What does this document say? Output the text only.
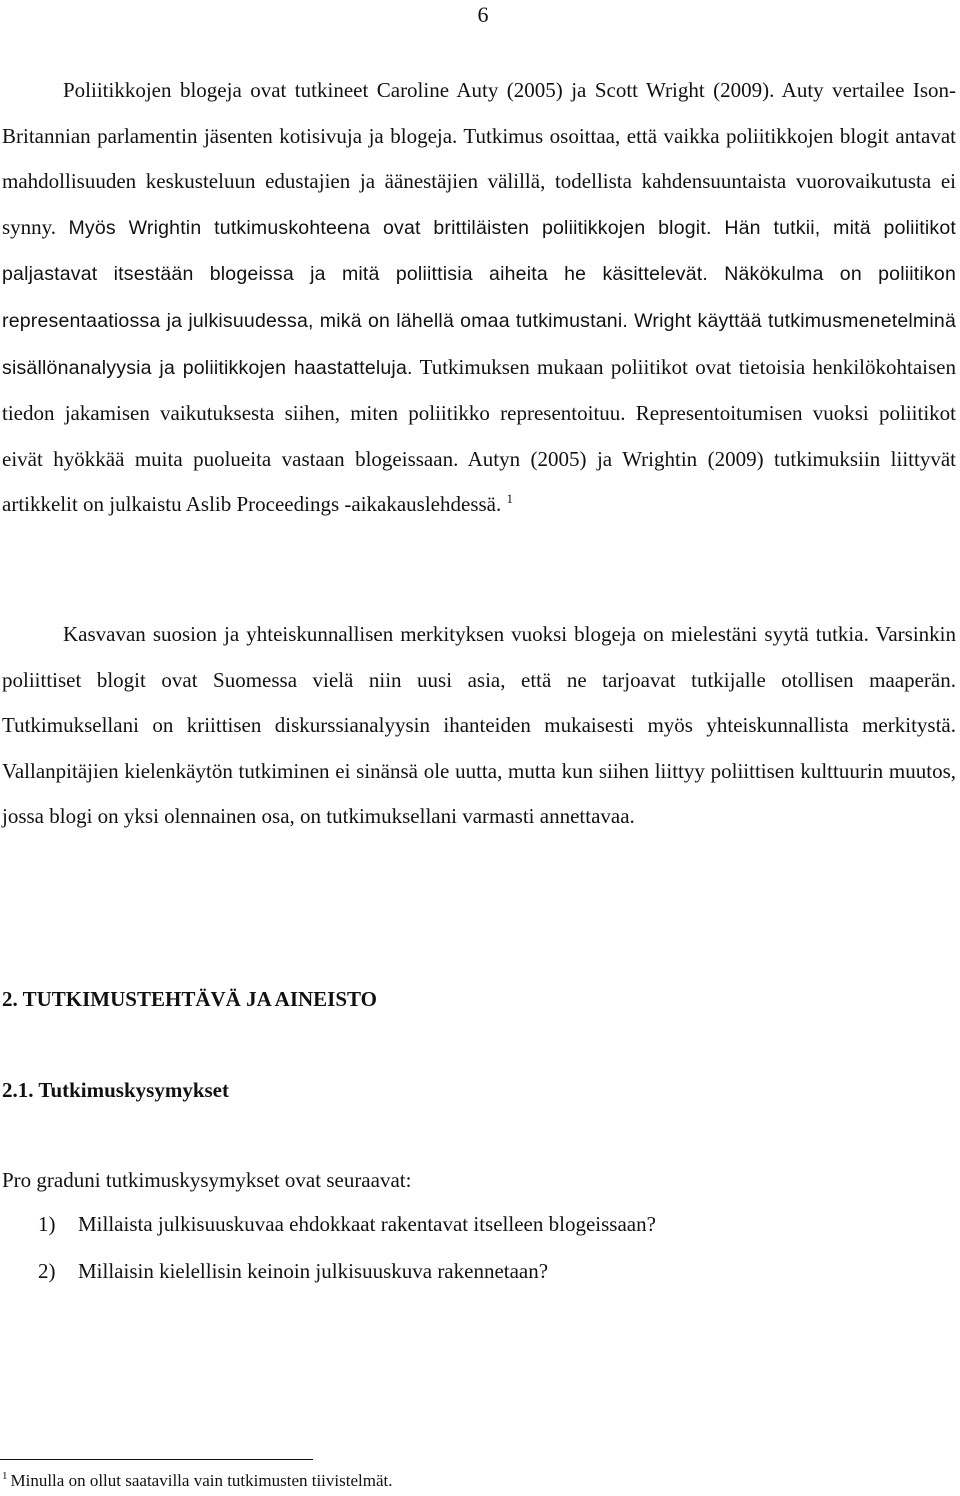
6

Poliitikkojen blogeja ovat tutkineet Caroline Auty (2005) ja Scott Wright (2009). Auty vertailee Ison-Britannian parlamentin jäsenten kotisivuja ja blogeja. Tutkimus osoittaa, että vaikka poliitikkojen blogit antavat mahdollisuuden keskusteluun edustajien ja äänestäjien välillä, todellista kahdensuuntaista vuorovaikutusta ei synny. Myös Wrightin tutkimuskohteena ovat brittiläisten poliitikkojen blogit. Hän tutkii, mitä poliitikot paljastavat itsestään blogeissa ja mitä poliittisia aiheita he käsittelevät. Näkökulma on poliitikon representaatiossa ja julkisuudessa, mikä on lähellä omaa tutkimustani. Wright käyttää tutkimusmenetelminä sisällönanalyysia ja poliitikkojen haastatteluja. Tutkimuksen mukaan poliitikot ovat tietoisia henkilökohtaisen tiedon jakamisen vaikutuksesta siihen, miten poliitikko representoituu. Representoitumisen vuoksi poliitikot eivät hyökkää muita puolueita vastaan blogeissaan. Autyn (2005) ja Wrightin (2009) tutkimuksiin liittyvät artikkelit on julkaistu Aslib Proceedings -aikakauslehdessä. $^1$

Kasvavan suosion ja yhteiskunnallisen merkityksen vuoksi blogeja on mielestäni syytä tutkia. Varsinkin poliittiset blogit ovat Suomessa vielä niin uusi asia, että ne tarjoavat tutkijalle otollisen maaperän. Tutkimuksellani on kriittisen diskurssianalyysin ihanteiden mukaisesti myös yhteiskunnallista merkitystä. Vallanpitäjien kielenkäytön tutkiminen ei sinänsä ole uutta, mutta kun siihen liittyy poliittisen kulttuurin muutos, jossa blogi on yksi olennainen osa, on tutkimuksellani varmasti annettavaa.

2. TUTKIMUSTEHTÄVÄ JA AINEISTO
2.1. Tutkimuskysymykset

Pro graduni tutkimuskysymykset ovat seuraavat:

1) Millaista julkisuuskuvaa ehdokkaat rakentavat itselleen blogeissaan?
2) Millaisin kielellisin keinoin julkisuuskuva rakennetaan?

$^1$ Minulla on ollut saatavilla vain tutkimusten tiivistelmät.
